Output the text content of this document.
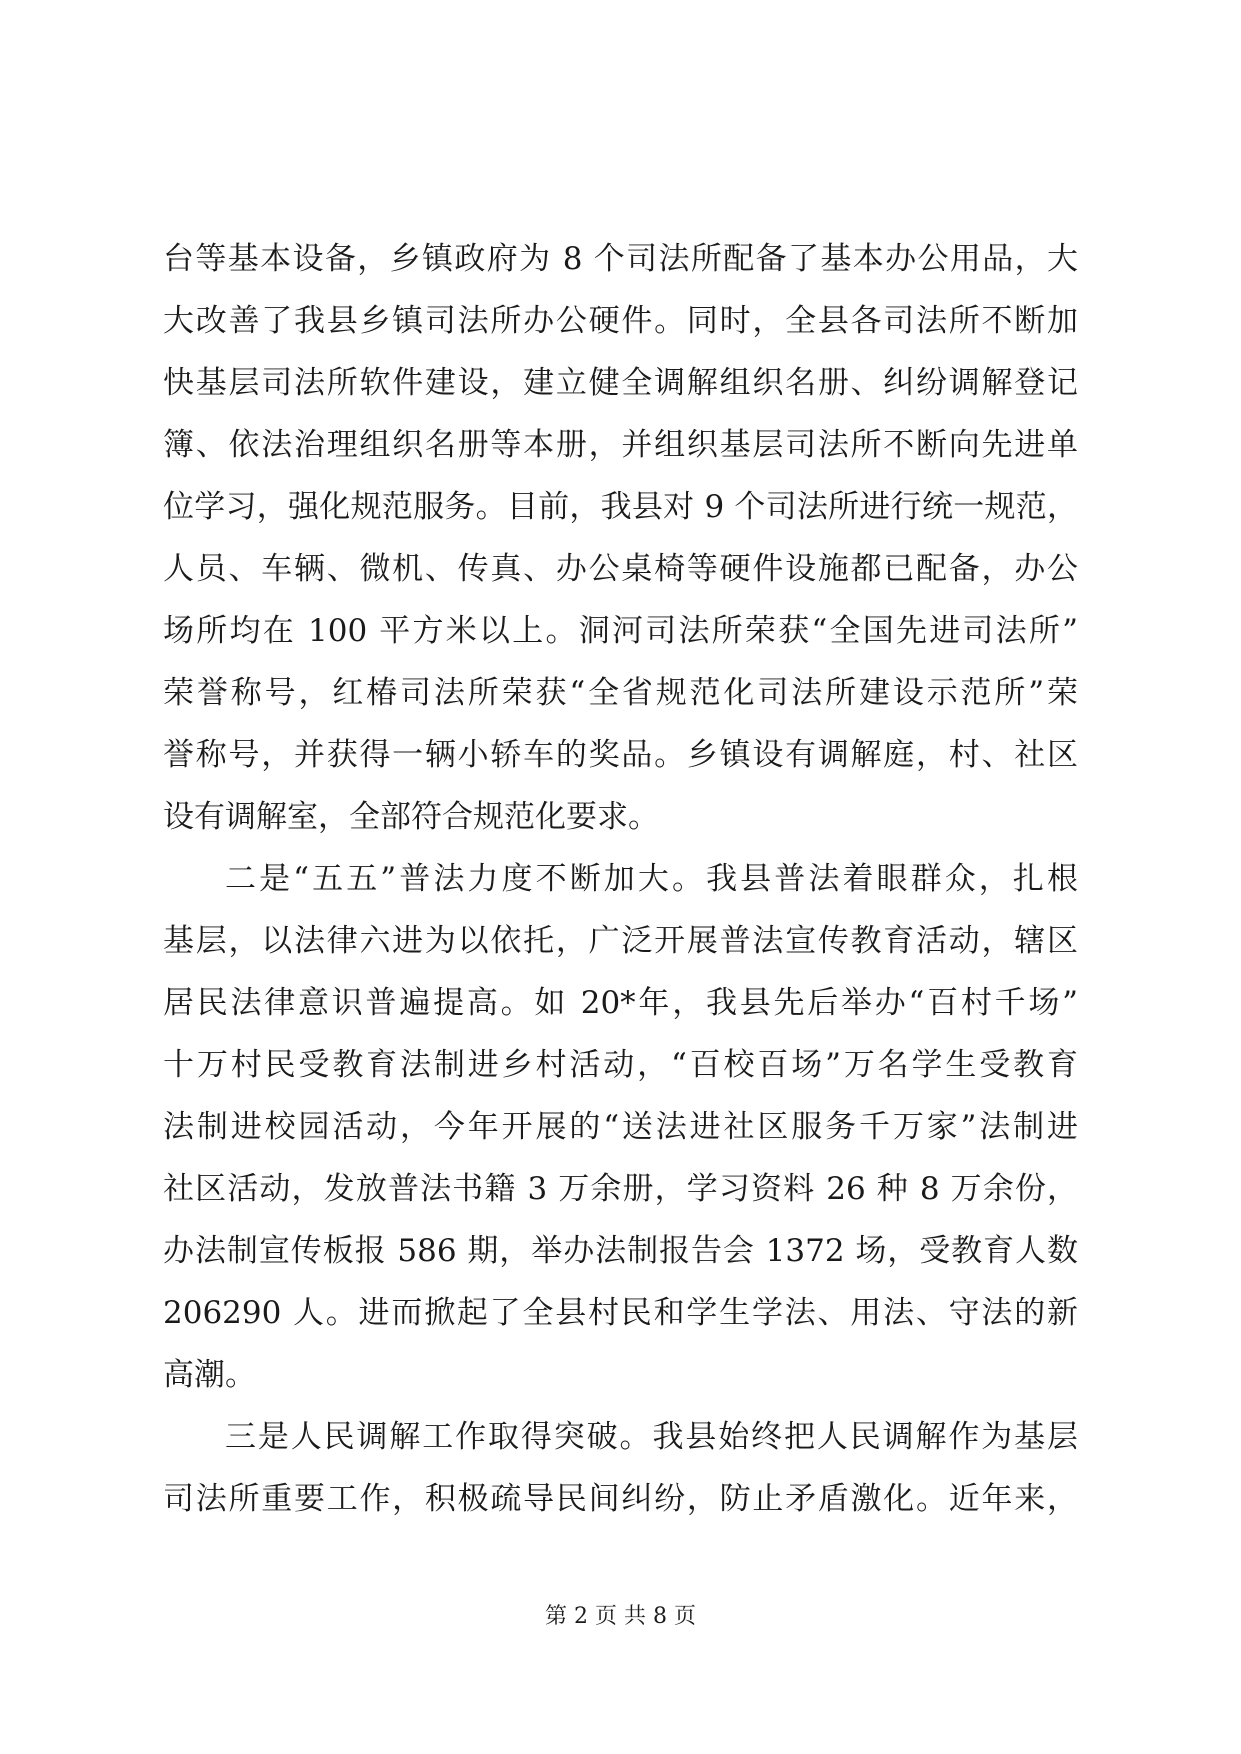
台等基本设备，乡镇政府为 8 个司法所配备了基本办公用品，大
大改善了我县乡镇司法所办公硬件。同时，全县各司法所不断加
快基层司法所软件建设，建立健全调解组织名册、纠纷调解登记
簿、依法治理组织名册等本册，并组织基层司法所不断向先进单
位学习，强化规范服务。目前，我县对 9 个司法所进行统一规范，
人员、车辆、微机、传真、办公桌椅等硬件设施都已配备，办公
场所均在 100 平方米以上。洞河司法所荣获“全国先进司法所”
荣誉称号，红椿司法所荣获“全省规范化司法所建设示范所”荣
誉称号，并获得一辆小轿车的奖品。乡镇设有调解庭，村、社区
设有调解室，全部符合规范化要求。
二是“五五”普法力度不断加大。我县普法着眼群众，扎根
基层，以法律六进为以依托，广泛开展普法宣传教育活动，辖区
居民法律意识普遍提高。如 20*年，我县先后举办“百村千场”
十万村民受教育法制进乡村活动，“百校百场”万名学生受教育
法制进校园活动，今年开展的“送法进社区服务千万家”法制进
社区活动，发放普法书籍 3 万余册，学习资料 26 种 8 万余份，
办法制宣传板报 586 期，举办法制报告会 1372 场，受教育人数
206290 人。进而掀起了全县村民和学生学法、用法、守法的新
高潮。
三是人民调解工作取得突破。我县始终把人民调解作为基层
司法所重要工作，积极疏导民间纠纷，防止矛盾激化。近年来，
第 2 页 共 8 页
